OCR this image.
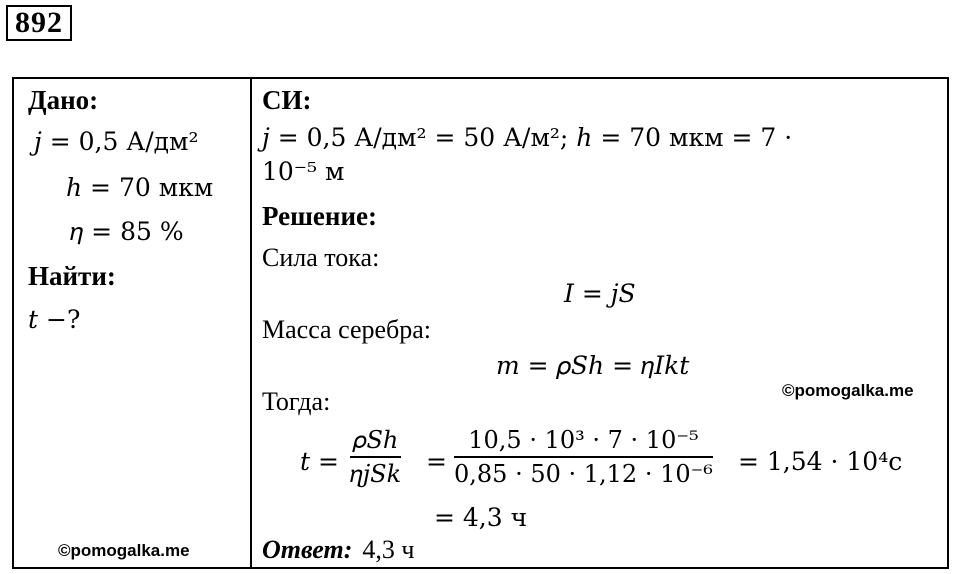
892
Дано:
𝑗 = 0,5 А/дм²
ℎ = 70 мкм
𝜂 = 85 %
Найти:
𝑡 −?
©pomogalka.me
СИ:
𝑗 = 0,5 А/дм² = 50 А/м²; ℎ = 70 мкм = 7 ·
10⁻⁵ м
Решение:
Сила тока:
𝐼 = 𝑗𝑆
Масса серебра:
𝑚 = 𝜌𝑆ℎ = 𝜂𝐼𝑘𝑡
©pomogalka.me
Тогда:
𝑡 =
𝜌𝑆ℎ
𝜂𝑗𝑆𝑘 =
10,5 · 10³ · 7 · 10⁻⁵
0,85 · 50 · 1,12 · 10⁻⁶ = 1,54 · 10⁴с
= 4,3 ч
Ответ: 4,3 ч
